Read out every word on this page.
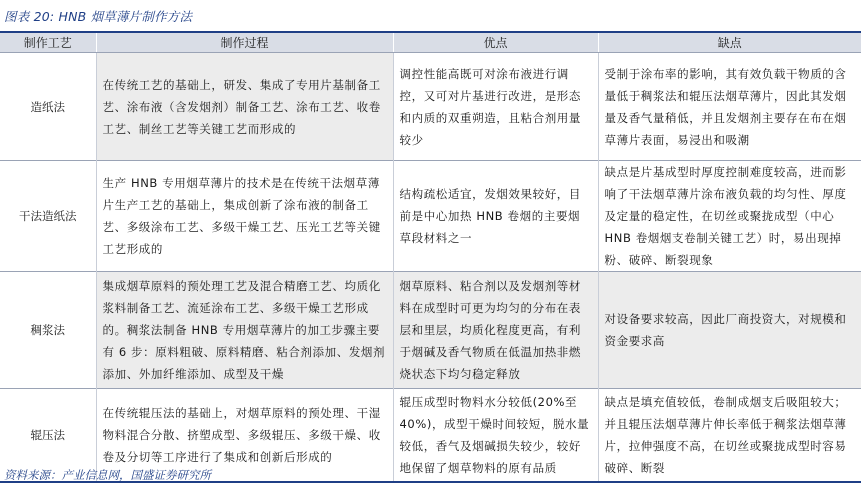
图表 20: HNB 烟草薄片制作方法
制作工艺	制作过程	优点	缺点
造纸法	在传统工艺的基础上，研发、集成了专用片基制备工艺、涂布液（含发烟剂）制备工艺、涂布工艺、收卷工艺、制丝工艺等关键工艺而形成的	调控性能高既可对涂布液进行调控，又可对片基进行改进，是形态和内质的双重朔造，且粘合剂用量较少	受制于涂布率的影响，其有效负载干物质的含量低于稠浆法和辊压法烟草薄片，因此其发烟量及香气量稍低，并且发烟剂主要存在布在烟草薄片表面，易浸出和吸潮
干法造纸法	生产 HNB 专用烟草薄片的技术是在传统干法烟草薄片生产工艺的基础上，集成创新了涂布液的制备工艺、多级涂布工艺、多级干燥工艺、压光工艺等关键工艺形成的	结构疏松适宜，发烟效果较好，目前是中心加热 HNB 卷烟的主要烟草段材料之一	缺点是片基成型时厚度控制难度较高，进而影响了干法烟草薄片涂布液负载的均匀性、厚度及定量的稳定性，在切丝或聚拢成型（中心 HNB 卷烟烟支卷制关键工艺）时，易出现掉粉、破碎、断裂现象
稠浆法	集成烟草原料的预处理工艺及混合精磨工艺、均质化浆料制备工艺、流延涂布工艺、多级干燥工艺形成的。稠浆法制备 HNB 专用烟草薄片的加工步骤主要有 6 步：原料粗破、原料精磨、粘合剂添加、发烟剂添加、外加纤维添加、成型及干燥	烟草原料、粘合剂以及发烟剂等材料在成型时可更为均匀的分布在表层和里层，均质化程度更高，有利于烟碱及香气物质在低温加热非燃烧状态下均匀稳定释放	对设备要求较高，因此厂商投资大，对规模和资金要求高
辊压法	在传统辊压法的基础上，对烟草原料的预处理、干湿物料混合分散、挤塑成型、多级辊压、多级干燥、收卷及分切等工序进行了集成和创新后形成的	辊压成型时物料水分较低(20%至40%)，成型干燥时间较短，脱水量较低，香气及烟碱损失较少，较好地保留了烟草物料的原有品质	缺点是填充值较低，卷制成烟支后吸阻较大；并且辊压法烟草薄片伸长率低于稠浆法烟草薄片，拉伸强度不高，在切丝或聚拢成型时容易破碎、断裂
资料来源：产业信息网，国盛证券研究所
